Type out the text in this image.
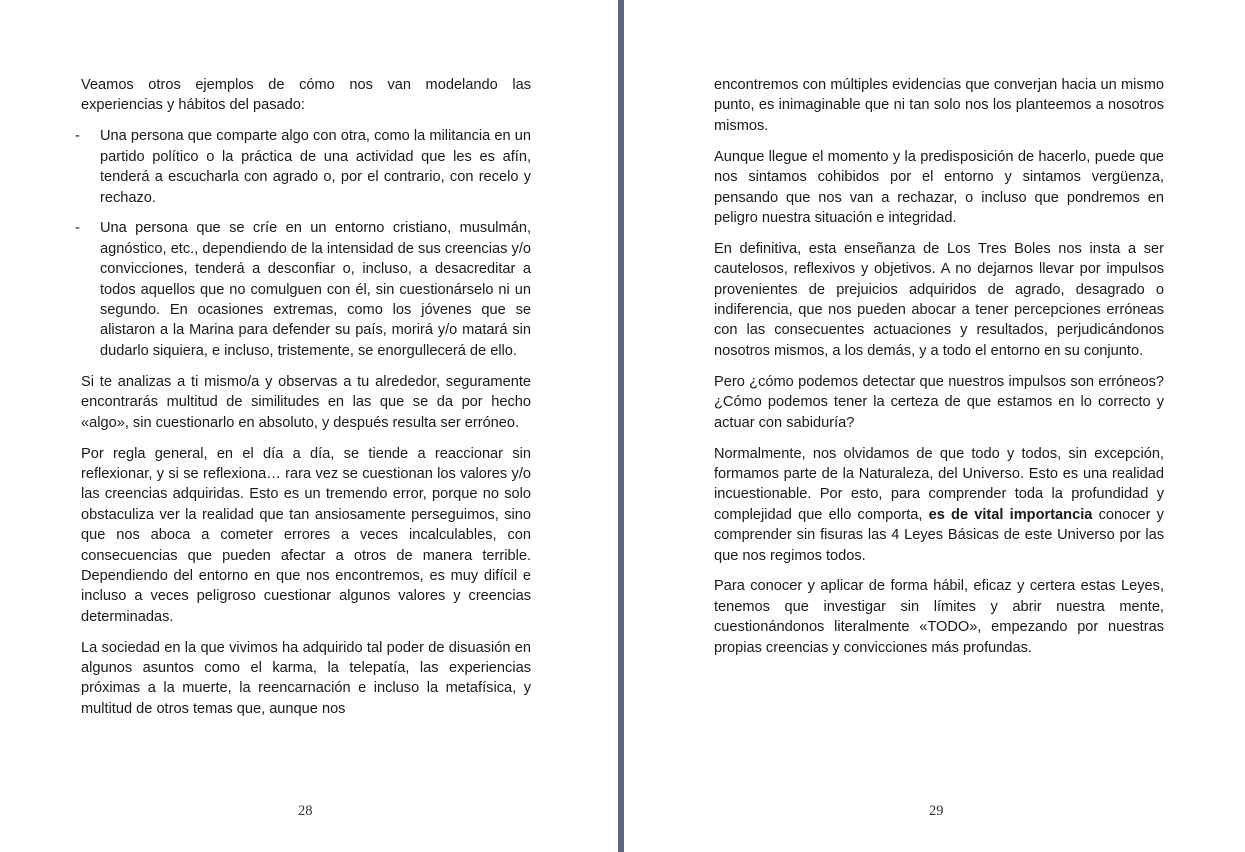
Veamos otros ejemplos de cómo nos van modelando las experiencias y hábitos del pasado:

- Una persona que comparte algo con otra, como la militancia en un partido político o la práctica de una actividad que les es afín, tenderá a escucharla con agrado o, por el contrario, con recelo y rechazo.
- Una persona que se críe en un entorno cristiano, musulmán, agnóstico, etc., dependiendo de la intensidad de sus creencias y/o convicciones, tenderá a desconfiar o, incluso, a desacreditar a todos aquellos que no comulguen con él, sin cuestionárselo ni un segundo. En ocasiones extremas, como los jóvenes que se alistaron a la Marina para defender su país, morirá y/o matará sin dudarlo siquiera, e incluso, tristemente, se enorgullecerá de ello.

Si te analizas a ti mismo/a y observas a tu alrededor, seguramente encontrarás multitud de similitudes en las que se da por hecho «algo», sin cuestionarlo en absoluto, y después resulta ser erróneo.

Por regla general, en el día a día, se tiende a reaccionar sin reflexionar, y si se reflexiona… rara vez se cuestionan los valores y/o las creencias adquiridas. Esto es un tremendo error, porque no solo obstaculiza ver la realidad que tan ansiosamente perseguimos, sino que nos aboca a cometer errores a veces incalculables, con consecuencias que pueden afectar a otros de manera terrible. Dependiendo del entorno en que nos encontremos, es muy difícil e incluso a veces peligroso cuestionar algunos valores y creencias determinadas.

La sociedad en la que vivimos ha adquirido tal poder de disuasión en algunos asuntos como el karma, la telepatía, las experiencias próximas a la muerte, la reencarnación e incluso la metafísica, y multitud de otros temas que, aunque nos

28

encontremos con múltiples evidencias que converjan hacia un mismo punto, es inimaginable que ni tan solo nos los planteemos a nosotros mismos.

Aunque llegue el momento y la predisposición de hacerlo, puede que nos sintamos cohibidos por el entorno y sintamos vergüenza, pensando que nos van a rechazar, o incluso que pondremos en peligro nuestra situación e integridad.

En definitiva, esta enseñanza de Los Tres Boles nos insta a ser cautelosos, reflexivos y objetivos. A no dejarnos llevar por impulsos provenientes de prejuicios adquiridos de agrado, desagrado o indiferencia, que nos pueden abocar a tener percepciones erróneas con las consecuentes actuaciones y resultados, perjudicándonos nosotros mismos, a los demás, y a todo el entorno en su conjunto.

Pero ¿cómo podemos detectar que nuestros impulsos son erróneos? ¿Cómo podemos tener la certeza de que estamos en lo correcto y actuar con sabiduría?

Normalmente, nos olvidamos de que todo y todos, sin excepción, formamos parte de la Naturaleza, del Universo. Esto es una realidad incuestionable. Por esto, para comprender toda la profundidad y complejidad que ello comporta, es de vital importancia conocer y comprender sin fisuras las 4 Leyes Básicas de este Universo por las que nos regimos todos.

Para conocer y aplicar de forma hábil, eficaz y certera estas Leyes, tenemos que investigar sin límites y abrir nuestra mente, cuestionándonos literalmente «TODO», empezando por nuestras propias creencias y convicciones más profundas.

29
